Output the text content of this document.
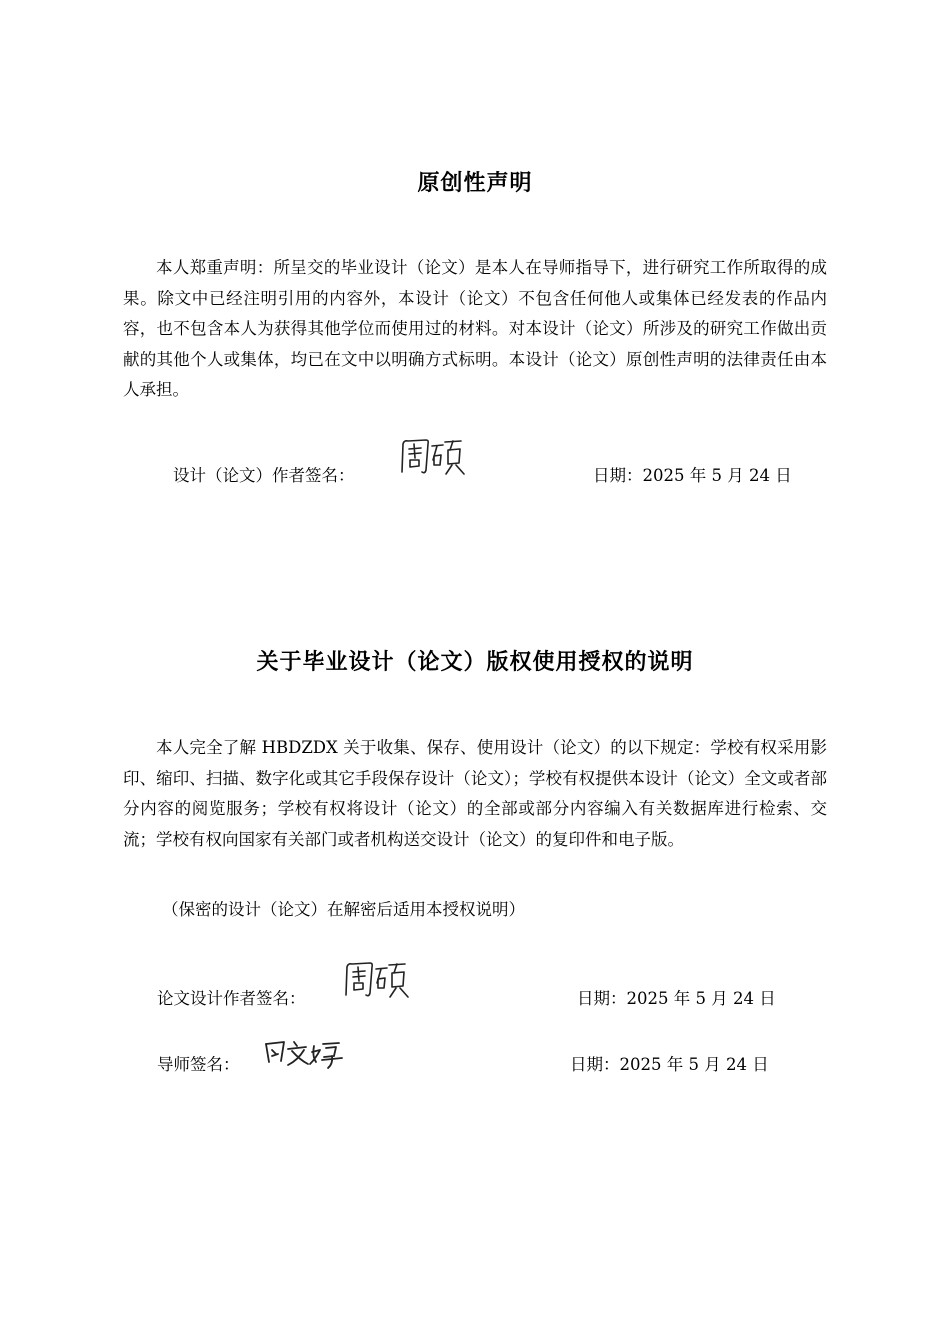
原创性声明
本人郑重声明：所呈交的毕业设计（论文）是本人在导师指导下，进行研究工作所取得的成果。除文中已经注明引用的内容外，本设计（论文）不包含任何他人或集体已经发表的作品内容，也不包含本人为获得其他学位而使用过的材料。对本设计（论文）所涉及的研究工作做出贡献的其他个人或集体，均已在文中以明确方式标明。本设计（论文）原创性声明的法律责任由本人承担。
设计（论文）作者签名：	日期：2025 年 5 月 24 日
关于毕业设计（论文）版权使用授权的说明
本人完全了解 HBDZDX 关于收集、保存、使用设计（论文）的以下规定：学校有权采用影印、缩印、扫描、数字化或其它手段保存设计（论文）；学校有权提供本设计（论文）全文或者部分内容的阅览服务；学校有权将设计（论文）的全部或部分内容编入有关数据库进行检索、交流；学校有权向国家有关部门或者机构送交设计（论文）的复印件和电子版。
（保密的设计（论文）在解密后适用本授权说明）
论文设计作者签名：	日期：2025 年 5 月 24 日
导师签名：	日期：2025 年 5 月 24 日
